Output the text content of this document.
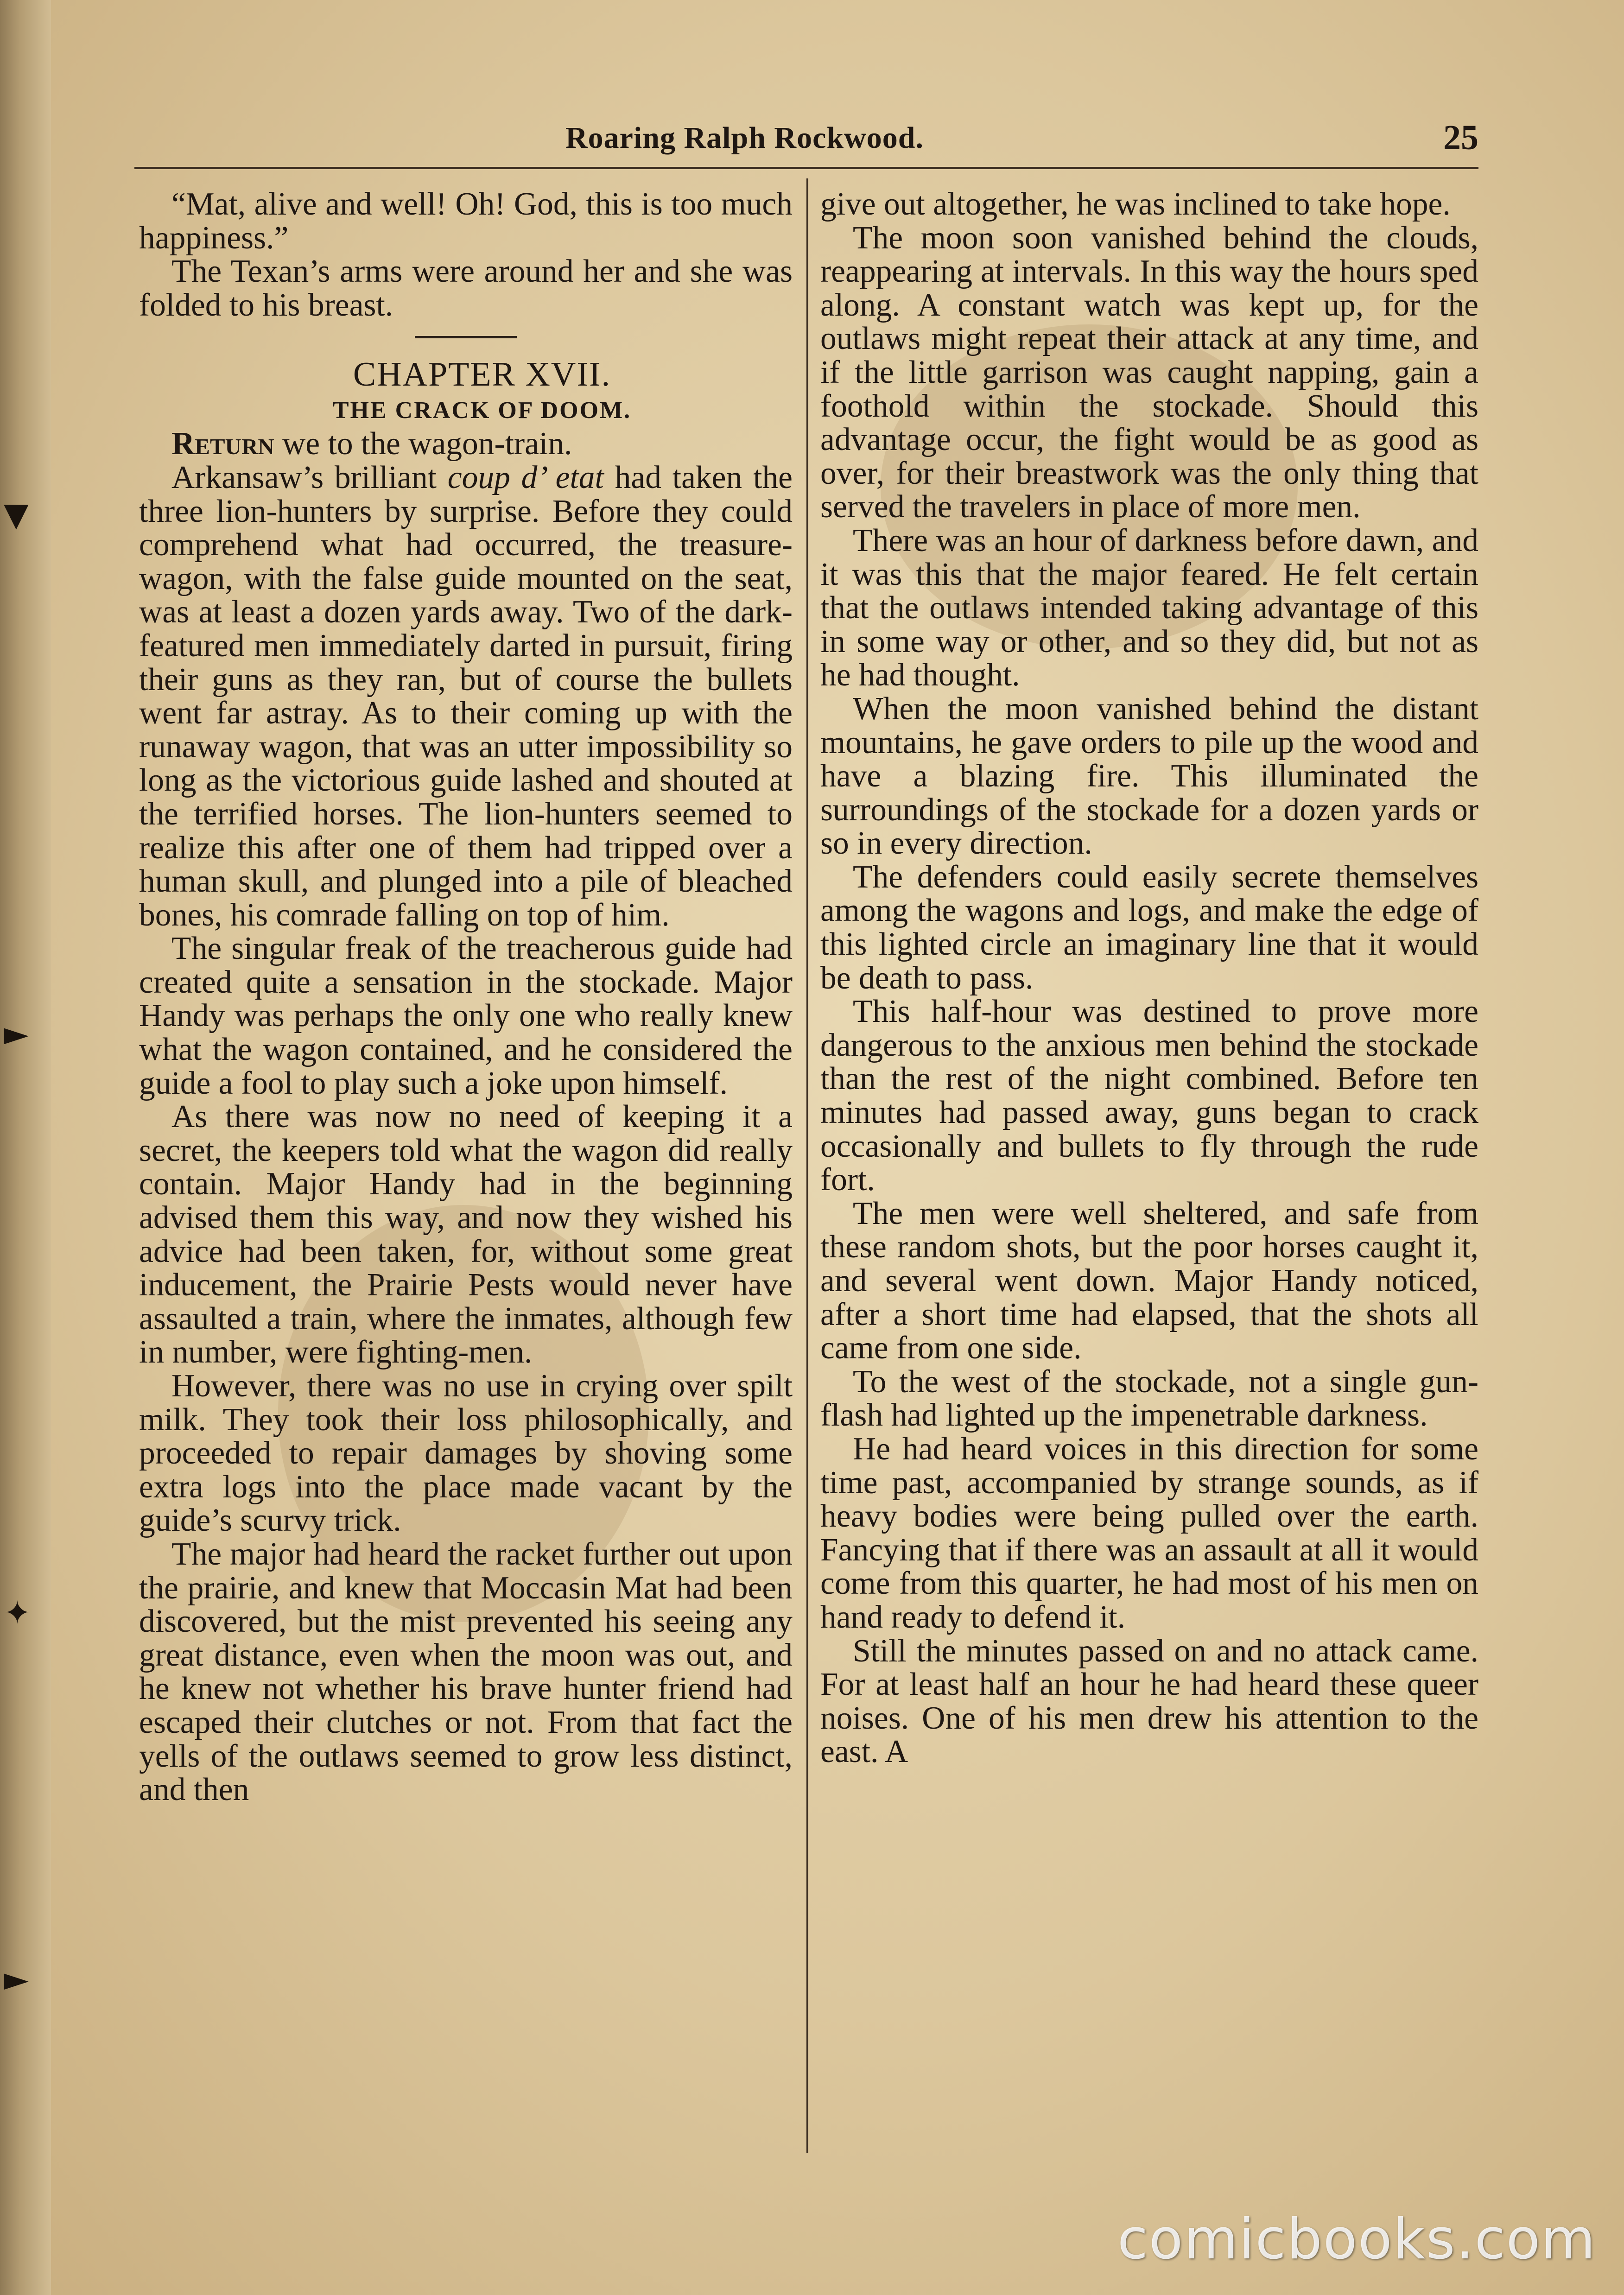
▼
►
✦
►
Roaring Ralph Rockwood.	25

“Mat, alive and well! Oh! God, this is too much happiness.”

The Texan’s arms were around her and she was folded to his breast.

CHAPTER XVII.

THE CRACK OF DOOM.

Return we to the wagon-train.

Arkansaw’s brilliant coup d’ etat had taken the three lion-hunters by surprise. Before they could comprehend what had occurred, the treasure-wagon, with the false guide mounted on the seat, was at least a dozen yards away. Two of the dark-featured men immediately darted in pursuit, firing their guns as they ran, but of course the bullets went far astray. As to their coming up with the runaway wagon, that was an utter impossibility so long as the victorious guide lashed and shouted at the terrified horses. The lion-hunters seemed to realize this after one of them had tripped over a human skull, and plunged into a pile of bleached bones, his comrade falling on top of him.

The singular freak of the treacherous guide had created quite a sensation in the stockade. Major Handy was perhaps the only one who really knew what the wagon contained, and he considered the guide a fool to play such a joke upon himself.

As there was now no need of keeping it a secret, the keepers told what the wagon did really contain. Major Handy had in the beginning advised them this way, and now they wished his advice had been taken, for, without some great inducement, the Prairie Pests would never have assaulted a train, where the inmates, although few in number, were fighting-men.

However, there was no use in crying over spilt milk. They took their loss philosophically, and proceeded to repair damages by shoving some extra logs into the place made vacant by the guide’s scurvy trick.

The major had heard the racket further out upon the prairie, and knew that Moccasin Mat had been discovered, but the mist prevented his seeing any great distance, even when the moon was out, and he knew not whether his brave hunter friend had escaped their clutches or not. From that fact the yells of the outlaws seemed to grow less distinct, and then

give out altogether, he was inclined to take hope.

The moon soon vanished behind the clouds, reappearing at intervals. In this way the hours sped along. A constant watch was kept up, for the outlaws might repeat their attack at any time, and if the little garrison was caught napping, gain a foothold within the stockade. Should this advantage occur, the fight would be as good as over, for their breastwork was the only thing that served the travelers in place of more men.

There was an hour of darkness before dawn, and it was this that the major feared. He felt certain that the outlaws intended taking advantage of this in some way or other, and so they did, but not as he had thought.

When the moon vanished behind the distant mountains, he gave orders to pile up the wood and have a blazing fire. This illuminated the surroundings of the stockade for a dozen yards or so in every direction.

The defenders could easily secrete themselves among the wagons and logs, and make the edge of this lighted circle an imaginary line that it would be death to pass.

This half-hour was destined to prove more dangerous to the anxious men behind the stockade than the rest of the night combined. Before ten minutes had passed away, guns began to crack occasionally and bullets to fly through the rude fort.

The men were well sheltered, and safe from these random shots, but the poor horses caught it, and several went down. Major Handy noticed, after a short time had elapsed, that the shots all came from one side.

To the west of the stockade, not a single gun-flash had lighted up the impenetrable darkness.

He had heard voices in this direction for some time past, accompanied by strange sounds, as if heavy bodies were being pulled over the earth. Fancying that if there was an assault at all it would come from this quarter, he had most of his men on hand ready to defend it.

Still the minutes passed on and no attack came. For at least half an hour he had heard these queer noises. One of his men drew his attention to the east. A

comicbooks.com
